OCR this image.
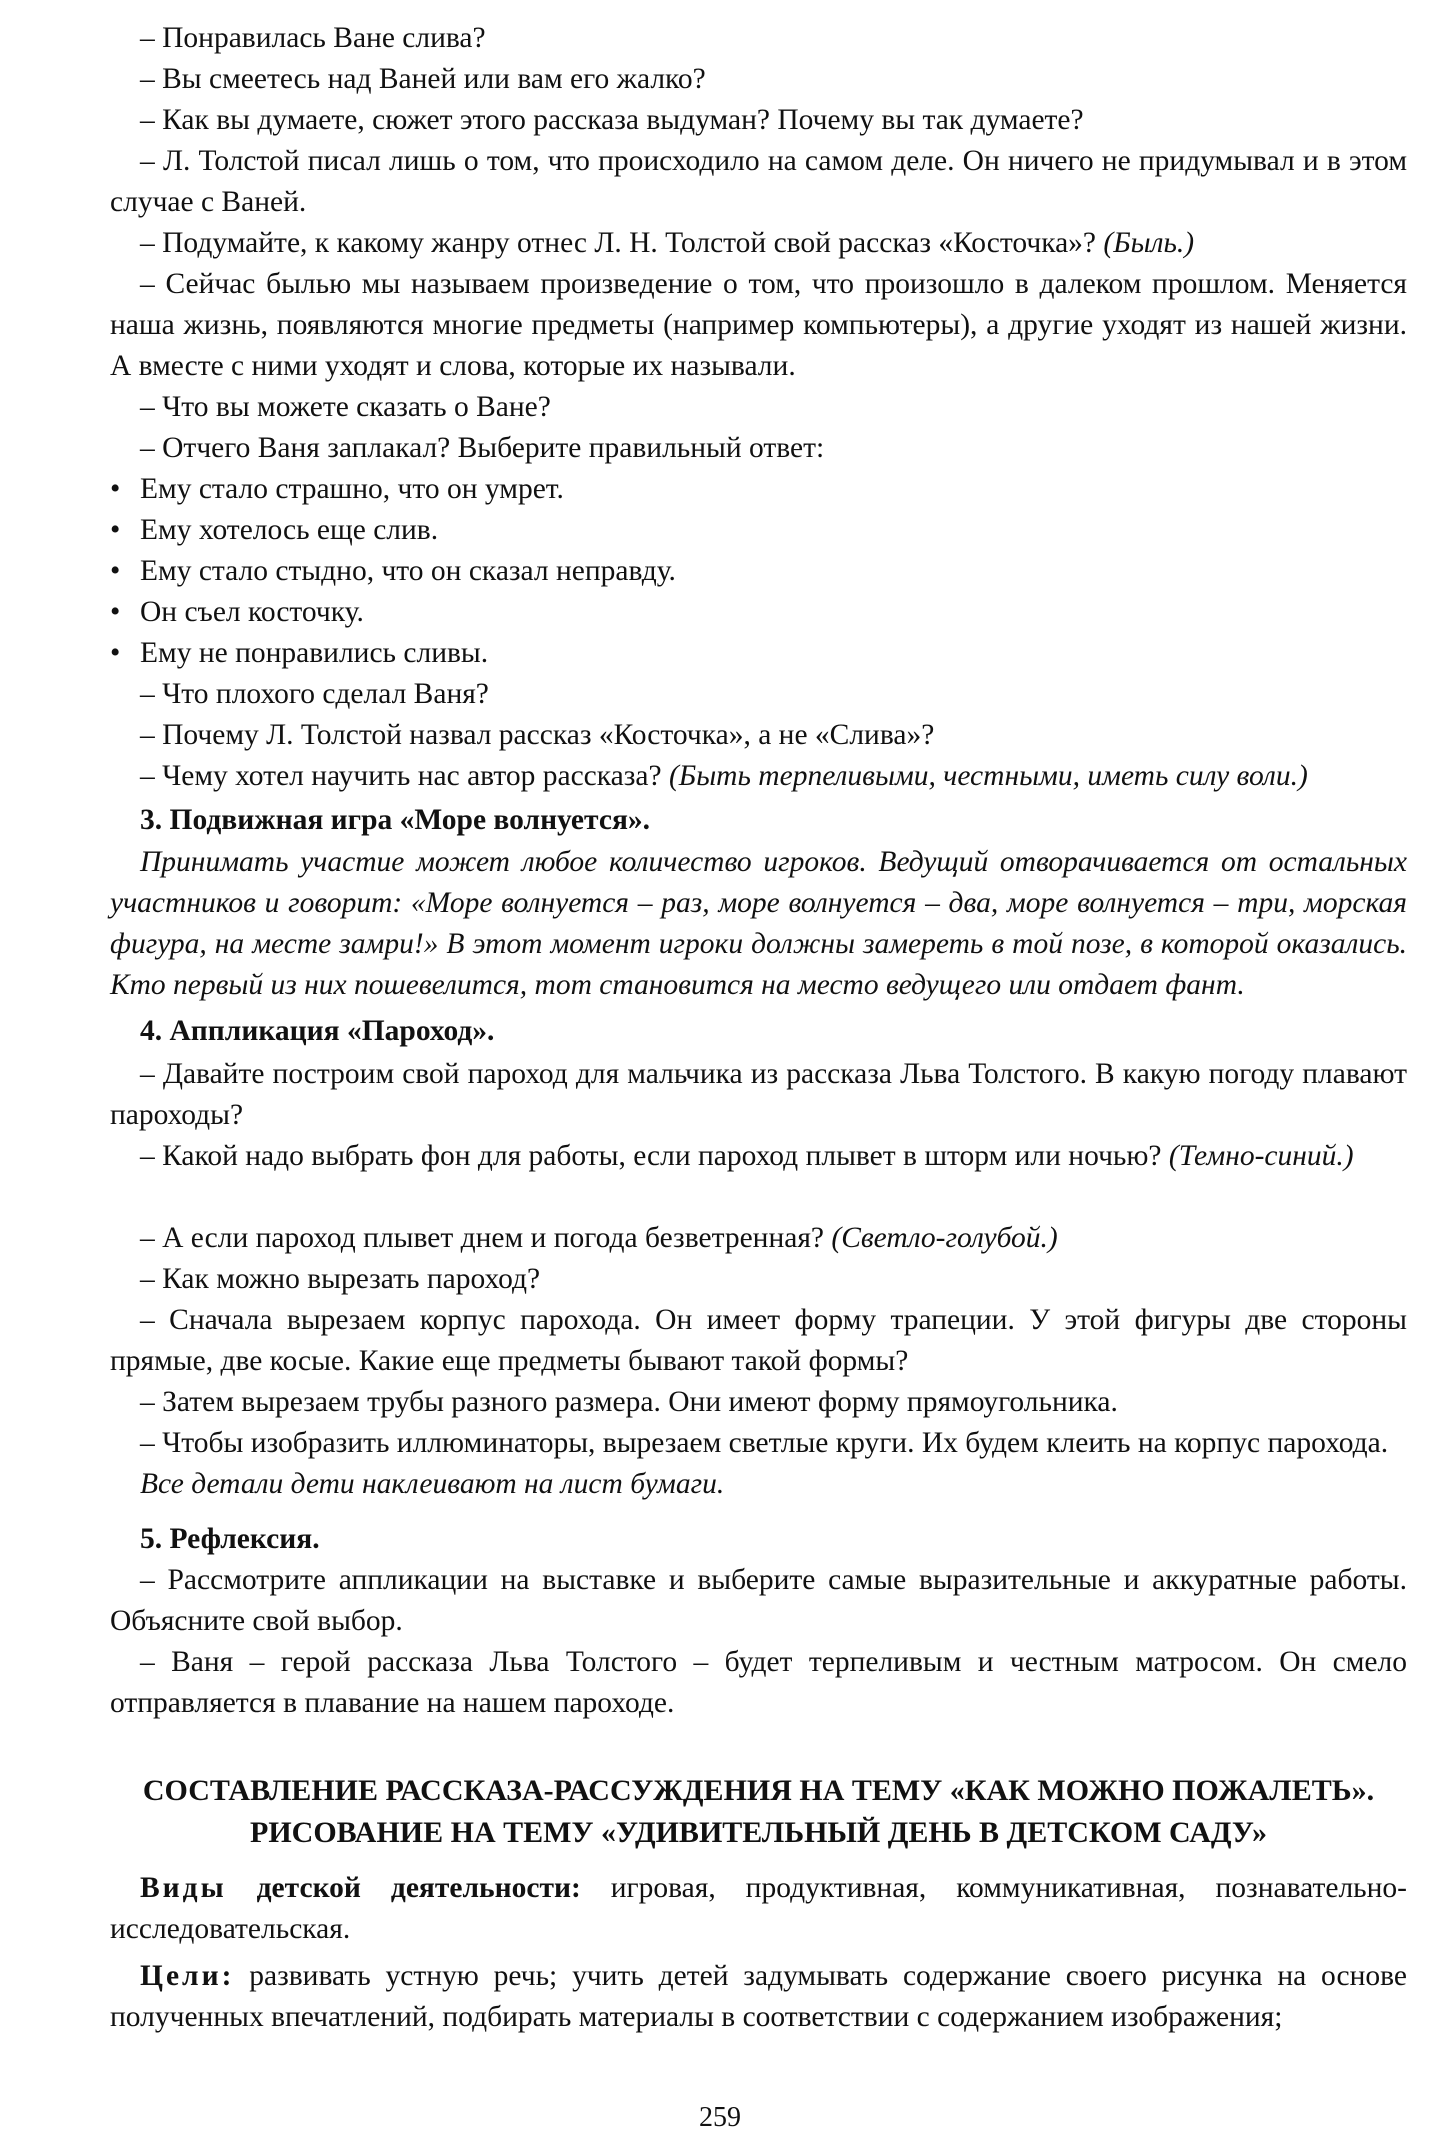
– Понравилась Ване слива?
– Вы смеетесь над Ваней или вам его жалко?
– Как вы думаете, сюжет этого рассказа выдуман? Почему вы так думаете?
– Л. Толстой писал лишь о том, что происходило на самом деле. Он ничего не придумывал и в этом случае с Ваней.
– Подумайте, к какому жанру отнес Л. Н. Толстой свой рассказ «Косточка»? (Быль.)
– Сейчас былью мы называем произведение о том, что произошло в далеком прошлом. Меняется наша жизнь, появляются многие предметы (например компьютеры), а другие уходят из нашей жизни. А вместе с ними уходят и слова, которые их называли.
– Что вы можете сказать о Ване?
– Отчего Ваня заплакал? Выберите правильный ответ:
• Ему стало страшно, что он умрет.
• Ему хотелось еще слив.
• Ему стало стыдно, что он сказал неправду.
• Он съел косточку.
• Ему не понравились сливы.
– Что плохого сделал Ваня?
– Почему Л. Толстой назвал рассказ «Косточка», а не «Слива»?
– Чему хотел научить нас автор рассказа? (Быть терпеливыми, честными, иметь силу воли.)
3. Подвижная игра «Море волнуется».
Принимать участие может любое количество игроков. Ведущий отворачивается от остальных участников и говорит: «Море волнуется – раз, море волнуется – два, море волнуется – три, морская фигура, на месте замри!» В этот момент игроки должны замереть в той позе, в которой оказались. Кто первый из них пошевелится, тот становится на место ведущего или отдает фант.
4. Аппликация «Пароход».
– Давайте построим свой пароход для мальчика из рассказа Льва Толстого. В какую погоду плавают пароходы?
– Какой надо выбрать фон для работы, если пароход плывет в шторм или ночью? (Темно-синий.)
– А если пароход плывет днем и погода безветренная? (Светло-голубой.)
– Как можно вырезать пароход?
– Сначала вырезаем корпус парохода. Он имеет форму трапеции. У этой фигуры две стороны прямые, две косые. Какие еще предметы бывают такой формы?
– Затем вырезаем трубы разного размера. Они имеют форму прямоугольника.
– Чтобы изобразить иллюминаторы, вырезаем светлые круги. Их будем клеить на корпус парохода.
Все детали дети наклеивают на лист бумаги.
5. Рефлексия.
– Рассмотрите аппликации на выставке и выберите самые выразительные и аккуратные работы. Объясните свой выбор.
– Ваня – герой рассказа Льва Толстого – будет терпеливым и честным матросом. Он смело отправляется в плавание на нашем пароходе.
СОСТАВЛЕНИЕ РАССКАЗА-РАССУЖДЕНИЯ НА ТЕМУ «КАК МОЖНО ПОЖАЛЕТЬ».
РИСОВАНИЕ НА ТЕМУ «УДИВИТЕЛЬНЫЙ ДЕНЬ В ДЕТСКОМ САДУ»
Виды детской деятельности: игровая, продуктивная, коммуникативная, познавательно-исследовательская.
Цели: развивать устную речь; учить детей задумывать содержание своего рисунка на основе полученных впечатлений, подбирать материалы в соответствии с содержанием изображения;
259
